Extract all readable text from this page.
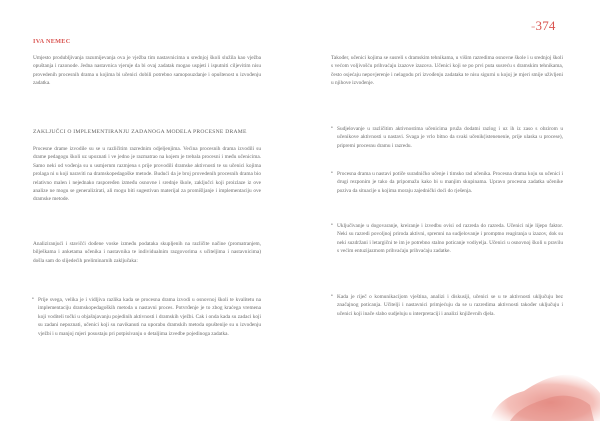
-374
IVA NEMEC

Umjesto produbljivanja razumijevanja ova je vježba tim nastavnicima u srednjoj školi služila kao vježba opuštanja i razonode. Jedna nastavnica vjeruje da bi ovaj zadatak mogao uspjeti i isputniti ciljevitim nisu provedenih procesnih drama u kojima bi učenici dobili potrebno samopouzdanje i opuštenost u izvođenju zadatka.

ZAKLJUČCI O IMPLEMENTIRANJU ZADANOGA MODELA PROCESNE DRAME

Procesne drame izvodile su se u različitim razrednim odjeljenjima. Većina procesnih drama izvodili su drame pedagogu školi uz upoznati i ve jedno je razmatrao na kojem je trebala procesni i među učenicima. Samo neki od vođenja su u usmjernm razmjena s prije provodili dramske aktivnosti te su učenici kojima prolaga ni u koji naraviti na dramskopedagoške metode. Budući da je broj provedenih procesnih drama bio relativno malen i nejednako raspoređen između osnovne i srednje škole, zaključci koji proizlaze iz ove analize ne mogu se generalizirati, ali mogu biti sugestivan materijal za promišljanje i implementaciju ove dramske metode.

Analiziranjući i stavičći dođene voske između podataka skupljenih na različite načine (promatranjem, bilješkama i anketama učenika i nastavnika te individualnim razgovorima s učiteljima i nastavnicima) došla sam do slijedećih preliminarnih zaključaka:

• Prije svega, velika je i vidljiva razlika kada se procesna drama izvodi u osnovnoj školi te kvalitetu na implementaciju dramskopedagoških metoda u nastavni proces. Potvrđenje je to zbog kraćega vremena koji voditeli točki u objašnjavanju pojedinih aktivnosti i dramskih vježbi. Cak i onda kada su zadaci koji su zadani nepoznati, učenici koji su navikanuti na uporabu dramskih metoda opuštenije su u izvođenju vježbi i u manjoj mjeri posustaju pri potpisivanju o detaljima izvedbe pojedinoga zadatka.

Također, učenici kojima se susreli s dramskim tehnikama, u višim razredima osnovne škole i u srednjoj školi s većom voljivošću prihvaćaju izazove izazova. Učenici koji se po prvi puta susreću s dramskim tehnikama, često osjećaju nepovjerenje i nelagodu pri izvođenju zadataka te nisu sigurni u kojoj je mjeri smije uživljeni u njihove izvođenje.

• Sudjelovanje u različitim aktivnostima učenicima pruža dodatni razlog i uz ih iz zaso s obzirom u učenikove aktivnosti u nastavi. Svaga je vrlo bitno da svaki učenik(istenenenie, prije ulaska u procese), pripremi procesnu dramu i razredu.

• Procesna drama u nastavi potiče suradničko učenje i timsko rad učenika. Procesna drama koju su učenici i drugi rezponim je tako da pripomažu kako bi u manjim skupinama. Upravo procesna zadatka učenike poziva da situacije u kojima moraju zajednički doći do rješenja.

• Uključivanje u dogovaranje, kreiranje i izvedbu ovisi od razreda do razreda. Učenici nije lijepo faktor. Neki su razredi povoljnoj priroda aktivni, spremni na sudjelovanje i promptno reagiranja u izazov, dok su neki suzdržani i letargični te im je potrebno stalno poticanje vodiyelja. Učenici u osnovnoj školi u pravilu s većim entuzijazmom prihvaćaju prihvaćaju zadatke.

• Kada je riječ o komunikacijom vještina, analizi i diskusiji, učenici se u te aktivnosti uključuju bez značajnog poticanja. Učitelji i nastavnici primjećuju da se u razredima aktivnosti također uključuju i učenici koji inače slabo sudjeluju u interpretaciji i analizi književnih djela.
